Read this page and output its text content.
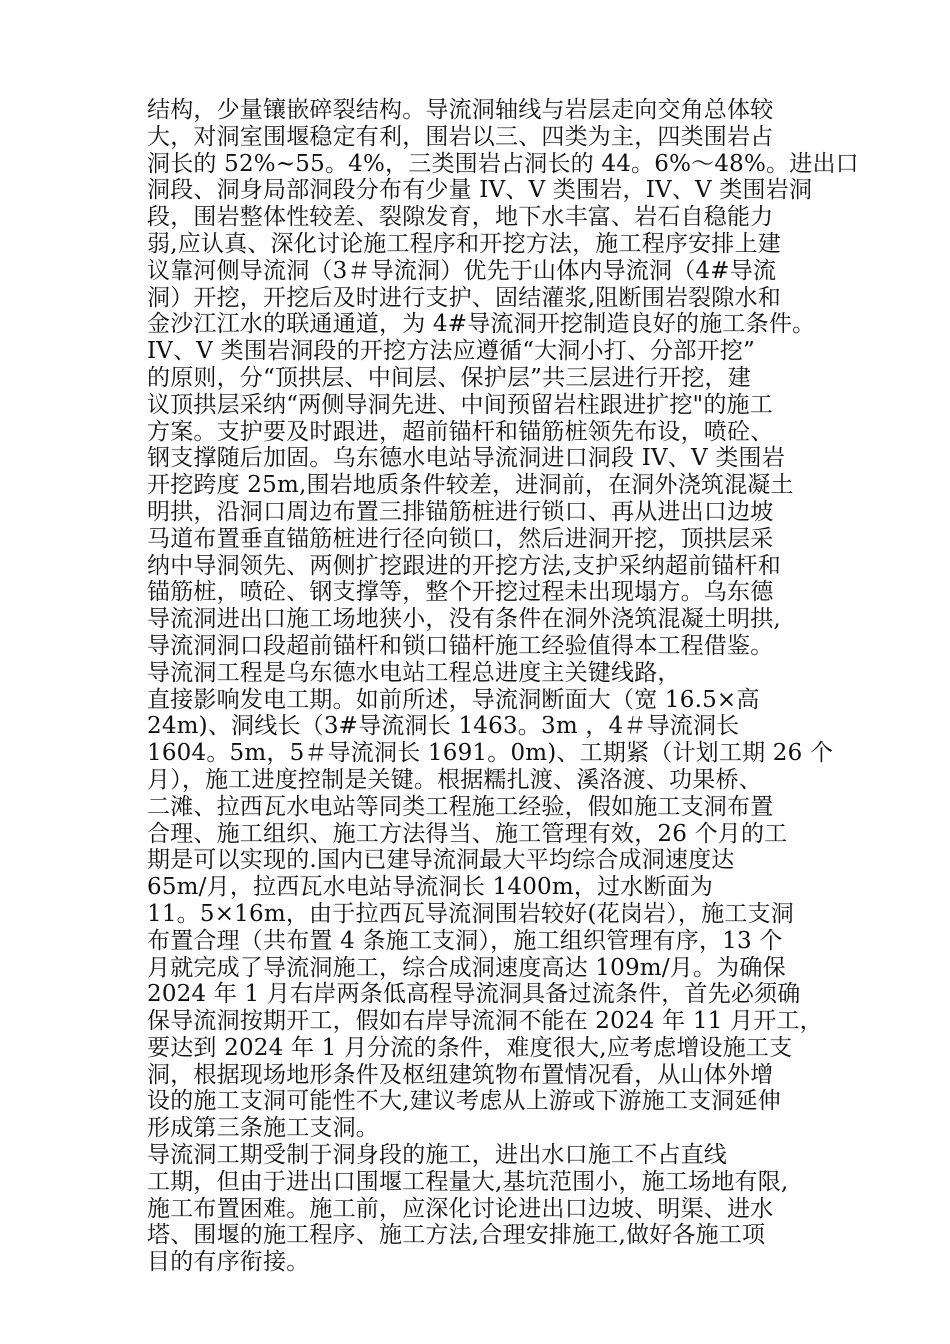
结构，少量镶嵌碎裂结构。导流洞轴线与岩层走向交角总体较
大，对洞室围堰稳定有利，围岩以三、四类为主，四类围岩占
洞长的 52%~55。4%，三类围岩占洞长的 44。6%～48%。进出口
洞段、洞身局部洞段分布有少量 IV、V 类围岩，IV、V 类围岩洞
段，围岩整体性较差、裂隙发育，地下水丰富、岩石自稳能力
弱,应认真、深化讨论施工程序和开挖方法，施工程序安排上建
议靠河侧导流洞（3＃导流洞）优先于山体内导流洞（4#导流
洞）开挖，开挖后及时进行支护、固结灌浆,阻断围岩裂隙水和
金沙江江水的联通通道，为 4#导流洞开挖制造良好的施工条件。
IV、V 类围岩洞段的开挖方法应遵循“大洞小打、分部开挖”
的原则，分“顶拱层、中间层、保护层”共三层进行开挖，建
议顶拱层采纳“两侧导洞先进、中间预留岩柱跟进扩挖"的施工
方案。支护要及时跟进，超前锚杆和锚筋桩领先布设，喷砼、
钢支撑随后加固。乌东德水电站导流洞进口洞段 IV、V 类围岩
开挖跨度 25m,围岩地质条件较差，进洞前，在洞外浇筑混凝土
明拱，沿洞口周边布置三排锚筋桩进行锁口、再从进出口边坡
马道布置垂直锚筋桩进行径向锁口，然后进洞开挖，顶拱层采
纳中导洞领先、两侧扩挖跟进的开挖方法,支护采纳超前锚杆和
锚筋桩，喷砼、钢支撑等，整个开挖过程未出现塌方。乌东德
导流洞进出口施工场地狭小，没有条件在洞外浇筑混凝土明拱,
导流洞洞口段超前锚杆和锁口锚杆施工经验值得本工程借鉴。
导流洞工程是乌东德水电站工程总进度主关键线路，
直接影响发电工期。如前所述，导流洞断面大（宽 16.5×高
24m)、洞线长（3#导流洞长 1463。3m ，4＃导流洞长
1604。5m，5＃导流洞长 1691。0m)、工期紧（计划工期 26 个
月），施工进度控制是关键。根据糯扎渡、溪洛渡、功果桥、
二滩、拉西瓦水电站等同类工程施工经验，假如施工支洞布置
合理、施工组织、施工方法得当、施工管理有效，26 个月的工
期是可以实现的.国内已建导流洞最大平均综合成洞速度达
65m/月，拉西瓦水电站导流洞长 1400m，过水断面为
11。5×16m，由于拉西瓦导流洞围岩较好(花岗岩），施工支洞
布置合理（共布置 4 条施工支洞），施工组织管理有序，13 个
月就完成了导流洞施工，综合成洞速度高达 109m/月。为确保
2024 年 1 月右岸两条低高程导流洞具备过流条件，首先必须确
保导流洞按期开工，假如右岸导流洞不能在 2024 年 11 月开工，
要达到 2024 年 1 月分流的条件，难度很大,应考虑增设施工支
洞，根据现场地形条件及枢纽建筑物布置情况看，从山体外增
设的施工支洞可能性不大,建议考虑从上游或下游施工支洞延伸
形成第三条施工支洞。
导流洞工期受制于洞身段的施工，进出水口施工不占直线
工期，但由于进出口围堰工程量大,基坑范围小，施工场地有限,
施工布置困难。施工前，应深化讨论进出口边坡、明渠、进水
塔、围堰的施工程序、施工方法,合理安排施工,做好各施工项
目的有序衔接。
